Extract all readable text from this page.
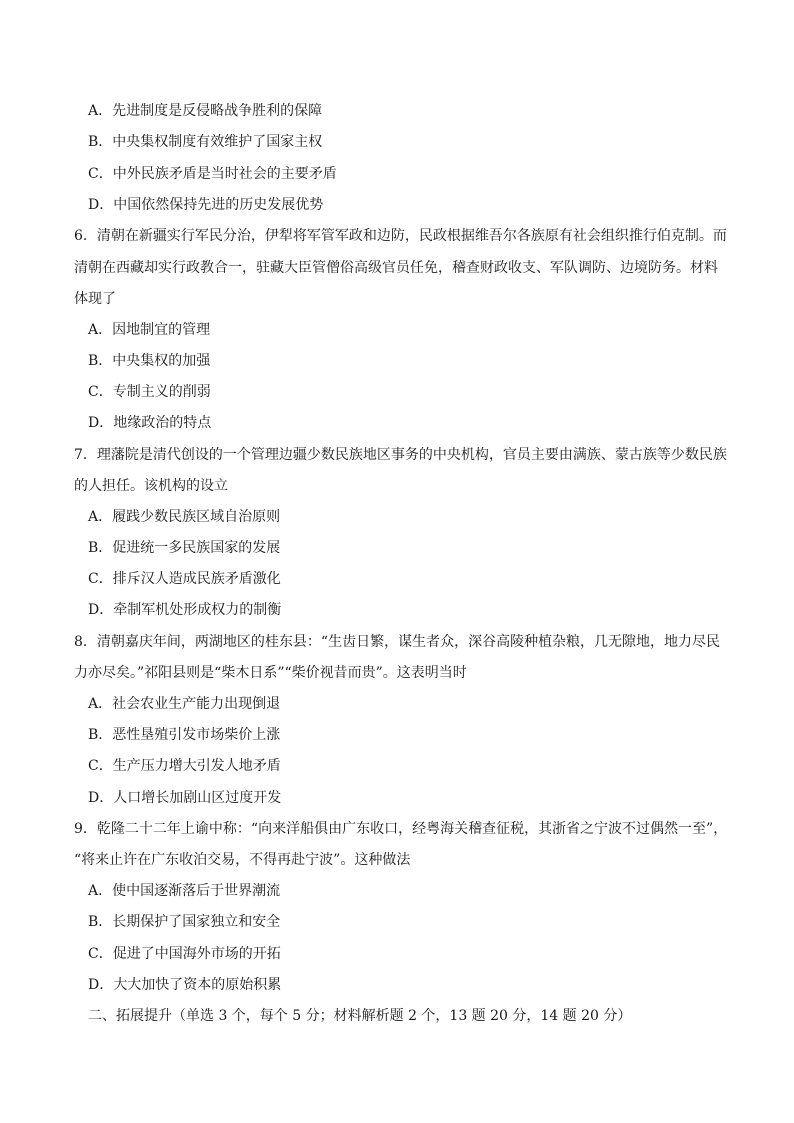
A．先进制度是反侵略战争胜利的保障
B．中央集权制度有效维护了国家主权
C．中外民族矛盾是当时社会的主要矛盾
D．中国依然保持先进的历史发展优势
6．清朝在新疆实行军民分治，伊犁将军管军政和边防，民政根据维吾尔各族原有社会组织推行伯克制。而
清朝在西藏却实行政教合一，驻藏大臣管僧俗高级官员任免，稽查财政收支、军队调防、边境防务。材料
体现了
A．因地制宜的管理
B．中央集权的加强
C．专制主义的削弱
D．地缘政治的特点
7．理藩院是清代创设的一个管理边疆少数民族地区事务的中央机构，官员主要由满族、蒙古族等少数民族
的人担任。该机构的设立
A．履践少数民族区域自治原则
B．促进统一多民族国家的发展
C．排斥汉人造成民族矛盾激化
D．牵制军机处形成权力的制衡
8．清朝嘉庆年间，两湖地区的桂东县：“生齿日繁，谋生者众，深谷高陵种植杂粮，几无隙地，地力尽民
力亦尽矣。”祁阳县则是“柴木日系”“柴价视昔而贵”。这表明当时
A．社会农业生产能力出现倒退
B．恶性垦殖引发市场柴价上涨
C．生产压力增大引发人地矛盾
D．人口增长加剧山区过度开发
9．乾隆二十二年上谕中称：“向来洋船俱由广东收口，经粤海关稽查征税，其浙省之宁波不过偶然一至”，
“将来止许在广东收泊交易，不得再赴宁波”。这种做法
A．使中国逐渐落后于世界潮流
B．长期保护了国家独立和安全
C．促进了中国海外市场的开拓
D．大大加快了资本的原始积累
二、拓展提升（单选 3 个，每个 5 分；材料解析题 2 个，13 题 20 分，14 题 20 分）
